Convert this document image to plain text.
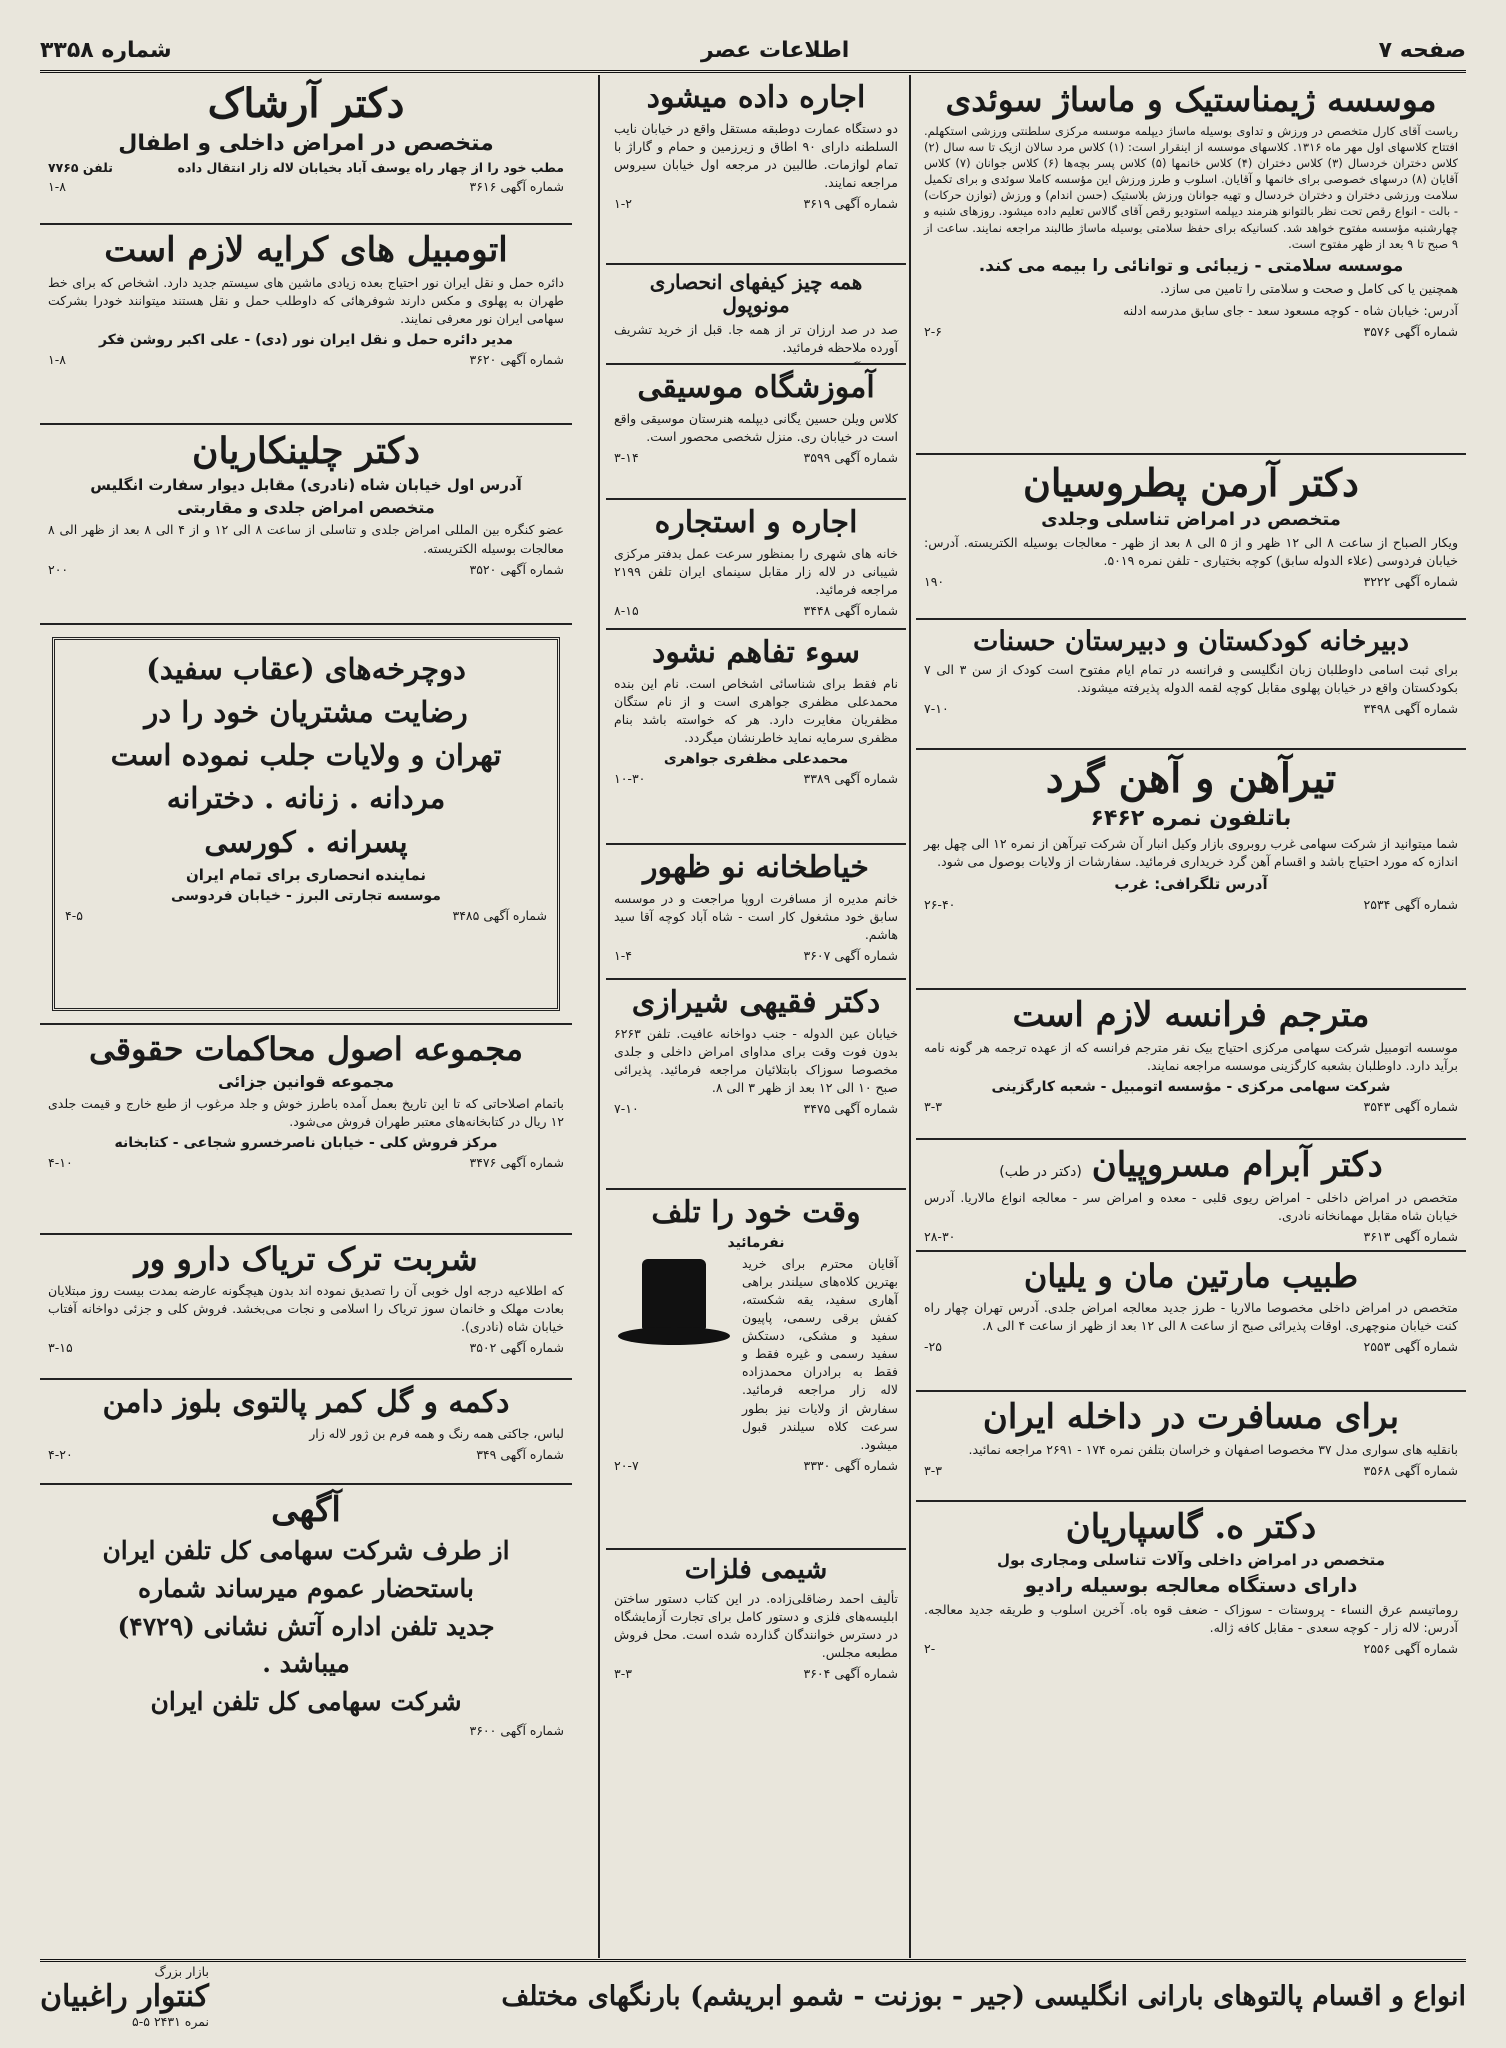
صفحه ۷
اطلاعات عصر
شماره ۳۳۵۸
موسسه ژیمناستیک و ماساژ سوئدی
ریاست آقای کارل متخصص در ورزش و تداوی بوسیله ماساژ دیپلمه موسسه مرکزی سلطنتی ورزشی استکهلم. افتتاح کلاسهای اول مهر ماه ۱۳۱۶. کلاسهای موسسه از اینقرار است: (۱) کلاس مرد سالان ازیک تا سه سال (۲) کلاس دختران خردسال (۳) کلاس دختران (۴) کلاس خانمها (۵) کلاس پسر بچه‌ها (۶) کلاس جوانان (۷) کلاس آقایان (۸) درسهای خصوصی برای خانمها و آقایان. اسلوب و طرز ورزش این مؤسسه کاملا سوئدی و برای تکمیل سلامت ورزشی دختران و دختران خردسال و تهیه جوانان ورزش بلاستیک (حسن اندام) و ورزش (توازن حرکات) - بالت - انواع رقص تحت نظر بالتوانو هنرمند دیپلمه استودیو رقص آقای گالاس تعلیم داده میشود. روزهای شنبه و چهارشنبه مؤسسه مفتوح خواهد شد. کسانیکه برای حفظ سلامتی بوسیله ماساژ طالبند مراجعه نمایند. ساعت از ۹ صبح تا ۹ بعد از ظهر مفتوح است.
موسسه سلامتی - زیبائی و توانائی را بیمه می کند.
همچنین یا کی کامل و صحت و سلامتی را تامین می سازد.
آدرس: خیابان شاه - کوچه مسعود سعد - جای سابق مدرسه ادلنه
شماره آگهی ۳۵۷۶
۲-۶
دکتر آرمن پطروسیان
متخصص در امراض تناسلی وجلدی
ویکار الصباح از ساعت ۸ الی ۱۲ ظهر و از ۵ الی ۸ بعد از ظهر - معالجات بوسیله الکتریسته. آدرس: خیابان فردوسی (علاء الدوله سابق) کوچه بختیاری - تلفن نمره ۵۰۱۹.
شماره آگهی ۳۲۲۲
۱۹۰
دبیرخانه کودکستان و دبیرستان حسنات
برای ثبت اسامی داوطلبان زبان انگلیسی و فرانسه در تمام ایام مفتوح است کودک از سن ۳ الی ۷ بکودکستان واقع در خیابان پهلوی مقابل کوچه لقمه الدوله پذیرفته میشوند.
شماره آگهی ۳۴۹۸
۷-۱۰
تیرآهن و آهن گرد
باتلفون نمره ۶۴۶۲
شما میتوانید از شرکت سهامی غرب روبروی بازار وکیل انبار آن شرکت تیرآهن از نمره ۱۲ الی چهل بهر اندازه که مورد احتیاج باشد و اقسام آهن گرد خریداری فرمائید. سفارشات از ولایات بوصول می شود.
آدرس تلگرافی: غرب
شماره آگهی ۲۵۳۴
۲۶-۴۰
مترجم فرانسه لازم است
موسسه اتومبیل شرکت سهامی مرکزی احتیاج بیک نفر مترجم فرانسه که از عهده ترجمه هر گونه نامه برآید دارد. داوطلبان بشعبه کارگزینی موسسه مراجعه نمایند.
شرکت سهامی مرکزی - مؤسسه اتومبیل - شعبه کارگزینی
شماره آگهی ۳۵۴۳
۳-۳
دکتر آبرام مسروپیان
(دکتر در طب)
متخصص در امراض داخلی - امراض ریوی قلبی - معده و امراض سر - معالجه انواع مالاریا. آدرس خیابان شاه مقابل مهمانخانه نادری.
شماره آگهی ۳۶۱۳
۲۸-۳۰
طبیب مارتین مان و یلیان
متخصص در امراض داخلی مخصوصا مالاریا - طرز جدید معالجه امراض جلدی. آدرس تهران چهار راه کنت خیابان منوچهری. اوقات پذیرائی صبح از ساعت ۸ الی ۱۲ بعد از ظهر از ساعت ۴ الی ۸.
شماره آگهی ۲۵۵۳
۲۵-
برای مسافرت در داخله ایران
بانقلیه های سواری مدل ۳۷ مخصوصا اصفهان و خراسان بتلفن نمره ۱۷۴ - ۲۶۹۱ مراجعه نمائید.
شماره آگهی ۳۵۶۸
۳-۳
دکتر ه. گاسپاریان
متخصص در امراض داخلی وآلات تناسلی ومجاری بول
دارای دستگاه معالجه بوسیله رادیو
روماتیسم عرق النساء - پروستات - سوزاک - ضعف قوه باه. آخرین اسلوب و طریقه جدید معالجه. آدرس: لاله زار - کوچه سعدی - مقابل کافه ژاله.
شماره آگهی ۲۵۵۶
-۲
اجاره داده میشود
دو دستگاه عمارت دوطبقه مستقل واقع در خیابان نایب السلطنه دارای ۹۰ اطاق و زیرزمین و حمام و گاراژ با تمام لوازمات. طالبین در مرجعه اول خیابان سیروس مراجعه نمایند.
شماره آگهی ۳۶۱۹
۱-۲
همه چیز کیفهای انحصاری مونوپول
صد در صد ارزان تر از همه جا. قبل از خرید تشریف آورده ملاحظه فرمائید.
آموزشگاه موسیقی
کلاس ویلن حسین یگانی دیپلمه هنرستان موسیقی واقع است در خیابان ری. منزل شخصی محصور است.
شماره آگهی ۳۵۹۹
۳-۱۴
اجاره و استجاره
خانه های شهری را بمنظور سرعت عمل بدفتر مرکزی شیبانی در لاله زار مقابل سینمای ایران تلفن ۲۱۹۹ مراجعه فرمائید.
شماره آگهی ۳۴۴۸
۸-۱۵
سوء تفاهم نشود
نام فقط برای شناسائی اشخاص است. نام این بنده محمدعلی مظفری جواهری است و از نام ستگان مظفریان مغایرت دارد. هر که خواسته باشد بنام مظفری سرمایه نماید خاطرنشان میگردد.
محمدعلی مظفری جواهری
شماره آگهی ۳۳۸۹
۱۰-۳۰
خیاطخانه نو ظهور
خانم مدیره از مسافرت اروپا مراجعت و در موسسه سابق خود مشغول کار است - شاه آباد کوچه آقا سید هاشم.
شماره آگهی ۳۶۰۷
۱-۴
دکتر فقیهی شیرازی
خیابان عین الدوله - جنب دواخانه عافیت. تلفن ۶۲۶۳ بدون فوت وقت برای مداوای امراض داخلی و جلدی مخصوصا سوزاک بابتلائیان مراجعه فرمائید. پذیرائی صبح ۱۰ الی ۱۲ بعد از ظهر ۳ الی ۸.
شماره آگهی ۳۴۷۵
۷-۱۰
وقت خود را تلف
نفرمائید
آقایان محترم برای خرید بهترین کلاه‌های سیلندر براهی آهاری سفید، یقه شکسته، کفش برقی رسمی، پاپیون سفید و مشکی، دستکش سفید رسمی و غیره فقط و فقط به برادران محمدزاده لاله زار مراجعه فرمائید. سفارش از ولایات نیز بطور سرعت کلاه سیلندر قبول میشود.
شماره آگهی ۳۳۳۰
۲۰-۷
شیمی فلزات
تألیف احمد رضاقلی‌زاده. در این کتاب دستور ساختن ابلیسه‌های فلزی و دستور کامل برای تجارت آزمایشگاه در دسترس خوانندگان گذارده شده است. محل فروش مطبعه مجلس.
شماره آگهی ۳۶۰۴
۳-۳
دکتر آرشاک
متخصص در امراض داخلی و اطفال
مطب خود را از چهار راه یوسف آباد بخیابان لاله زار انتقال داده
تلفن ۷۷۶۵
شماره آگهی ۳۶۱۶
۱-۸
اتومبیل های کرایه لازم است
دائره حمل و نقل ایران نور احتیاج بعده زیادی ماشین های سیستم جدید دارد. اشخاص که برای خط طهران به پهلوی و مکس دارند شوفرهائی که داوطلب حمل و نقل هستند میتوانند خودرا بشرکت سهامی ایران نور معرفی نمایند.
مدیر دائره حمل و نقل ایران نور (دی) - علی اکبر روشن فکر
شماره آگهی ۳۶۲۰
۱-۸
دکتر چلینکاریان
آدرس اول خیابان شاه (نادری) مقابل دیوار سفارت انگلیس
متخصص امراض جلدی و مقاربتی
عضو کنگره بین المللی امراض جلدی و تناسلی از ساعت ۸ الی ۱۲ و از ۴ الی ۸ بعد از ظهر الی ۸ معالجات بوسیله الکتریسته.
شماره آگهی ۳۵۲۰
۲۰۰
دوچرخه‌های (عقاب سفید)
رضایت مشتریان خود را در
تهران و ولایات جلب نموده است
مردانه . زنانه . دخترانه
پسرانه . کورسی
نماینده انحصاری برای تمام ایران
موسسه تجارتی البرز - خیابان فردوسی
شماره آگهی ۳۴۸۵
۴-۵
مجموعه اصول محاکمات حقوقی
مجموعه قوانین جزائی
باتمام اصلاحاتی که تا این تاریخ بعمل آمده باطرز خوش و جلد مرغوب از طبع خارج و قیمت جلدی ۱۲ ریال در کتابخانه‌های معتبر طهران فروش می‌شود.
مرکز فروش کلی - خیابان ناصرخسرو شجاعی - کتابخانه
شماره آگهی ۳۴۷۶
۴-۱۰
شربت ترک تریاک دارو ور
که اطلاعیه درجه اول خوبی آن را تصدیق نموده اند بدون هیچگونه عارضه بمدت بیست روز مبتلایان بعادت مهلک و خانمان سوز تریاک را اسلامی و نجات می‌بخشد. فروش کلی و جزئی دواخانه آفتاب خیابان شاه (نادری).
شماره آگهی ۳۵۰۲
۳-۱۵
دکمه و گل کمر پالتوی بلوز دامن
لباس، جاکتی همه رنگ و همه فرم بن ژور لاله زار
شماره آگهی ۳۴۹
۴-۲۰
آگهی
از طرف شرکت سهامی کل تلفن ایران
باستحضار عموم میرساند شماره
جدید تلفن اداره آتش نشانی (۴۷۲۹)
میباشد .
شرکت سهامی کل تلفن ایران
شماره آگهی ۳۶۰۰
انواع و اقسام پالتوهای بارانی انگلیسی (جیر - بوزنت - شمو ابریشم) بارنگهای مختلف
بازار بزرگ
کنتوار راغبیان
نمره ۲۴۳۱ ۵-۵
